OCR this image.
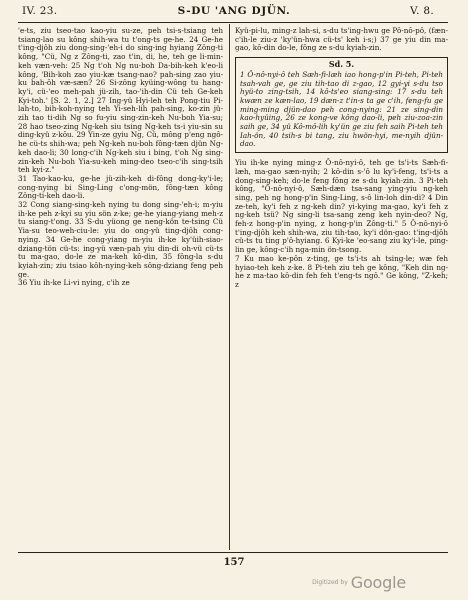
IV. 23.	S-DU 'ANG DJÜN.	V. 8.

'e-ts, ziu tseo-tao kao-yiu su-ze, peh tsi-s-tsiang teh tsiang-lao su kông shih-wa tu t'ong-ts ge-he. 24 Ge-he t'ing-djôh ziu dong-sing-'eh-i do sing-ing hyiang Zông-ti kông, "Cü, Ng z Zông-ti, zao t'in, di, he, teh ge li-min-keh væn-veh: 25 Ng t'oh Ng nu-boh Da-bih-keh k'eo-li kông, 'Bih-koh zao yiu-kæ tsang-nao? pah-sing zao yiu-ku bah-ôh væ-sæn? 26 Si-zông kyüing-wông tu hang-ky'i, cü-'eo meh-pah jü-zih, tao-'ih-din Cü teh Ge-keh Kyi-toh.' [S. 2. 1, 2.] 27 Ing-yü Hyi-leh teh Pong-tiu Pi-lah-to, bih-koh-nying teh Yi-seh-lih pah-sing, ko-zin jü-zih tao ti-dih Ng so fu-yiu sing-zin-keh Nu-boh Yia-su; 28 hao tseo-zing Ng-keh siu tsing Ng-keh ts-i yiu-sin su ding-kyü z-kôu. 29 Yin-ze gyiu Ng, Cü, mông p'eng ngô-he cü-ts shih-wa; peh Ng-keh nu-boh fông-tæn djün Ng-keh dao-li; 30 long-c'ih Ng-keh siu i bing, t'oh Ng sing-zin-keh Nu-boh Yia-su-keh ming-deo tseo-c'ih sing-tsih teh kyi-z."

31 Tao-kao-ku, ge-he jü-zih-keh di-fông dong-ky'i-le; cong-nying bi Sing-Ling c'ong-mön, fông-tæn kông Zông-ti-keh dao-li.

32 Cong siang-sing-keh nying tu dong sing-'eh-i; m-yiu ih-ke peh z-kyi su yiu sön z-ke; ge-he yiang-yiang meh-z tu siang-t'ong. 33 S-du yüong ge neng-kön te-tsing Cü Yia-su teo-weh-ciu-le: yiu do ong-yü ting-djôh cong-nying. 34 Ge-he cong-yiang m-yiu ih-ke ky'üih-siao-dziang-tön cü-ts: ing-yü væn-pah yiu din-di oh-vü cü-ts tu ma-gao, do-le ze ma-keh kô-din, 35 fông-la s-du kyiah-zin; ziu tsiao kôh-nying-keh sông-dziang feng peh ge.

36 Yiu ih-ke Li-vi nying, c'ih ze

Kyü-pi-lu, ming-z lah-si, s-du ts'ing-hwu ge Pô-nô-pô, (fæn-c'ih-le ziu-z 'ky'ün-hwa cü-ts' keh i-s;) 37 ge yiu din ma-gao, kô-din do-le, fông ze s-du kyiah-zin.

Sd. 5.
1 Ô-nô-nyi-ô teh Sæh-fi-læh iao hong-p'in Pi-teh, Pi-teh tsah-vah ge, ge ziu tih-tao di z-gao, 12 gyi-yi s-du tso hyü-to zing-tsih, 14 kô-ts'eo siang-sing: 17 s-du teh kwæn ze kæn-lao, 19 dæn-z t'in-s ta ge c'ih, feng-fu ge ming-ming djün-dao peh cong-nying: 21 ze sing-din kao-hyüing, 26 ze kong-ve kông dao-li, peh ziu-zoa-zin saih ge, 34 yü Kô-mô-lih ky'ün ge ziu feh saih Pi-teh teh Iah-ön, 40 tsih-s bi tang, ziu hwön-hyi, me-nyih djün-dao.

Yiu ih-ke nying ming-z Ô-nô-nyi-ô, teh ge ts'i-ts Sæh-fi-læh, ma-gao sæn-nyih; 2 kô-din s-'ô lu ky'i-feng, ts'i-ts a dong-sing-keh; do-le feng fông ze s-du kyiah-zin. 3 Pi-teh kông, "Ô-nô-nyi-ô, Sæh-dæn tsa-sang ying-yiu ng-keh sing, peh ng hong-p'in Sing-Ling, s-ô lin-loh din-di? 4 Din ze-teh, ky'i feh z ng-keh din? yi-kying ma-gao, ky'i feh z ng-keh tsü? Ng sing-li tsa-sang zeng keh nyin-deo? Ng, feh-z hong-p'in nying, z hong-p'in Zông-ti." 5 Ô-nô-nyi-ô t'ing-djôh keh shih-wa, ziu tih-tao, ky'i dön-gao: t'ing-djôh cü-ts tu ting p'ô-hyiang. 6 Kyi-ke 'eo-sang ziu ky'i-le, ping-lin ge, kông-c'ih nga-min ön-tsong.

7 Ku mao ke-pôn z-ting, ge ts'i-ts ah tsing-le; wæ feh hyiao-teh keh z-ke. 8 Pi-teh ziu teh ge kông, "Keh din ng-he z ma-tao kô-din feh feh t'eng-ts ngô." Ge kông, "Z-keh; z

157
Digitized by Google
